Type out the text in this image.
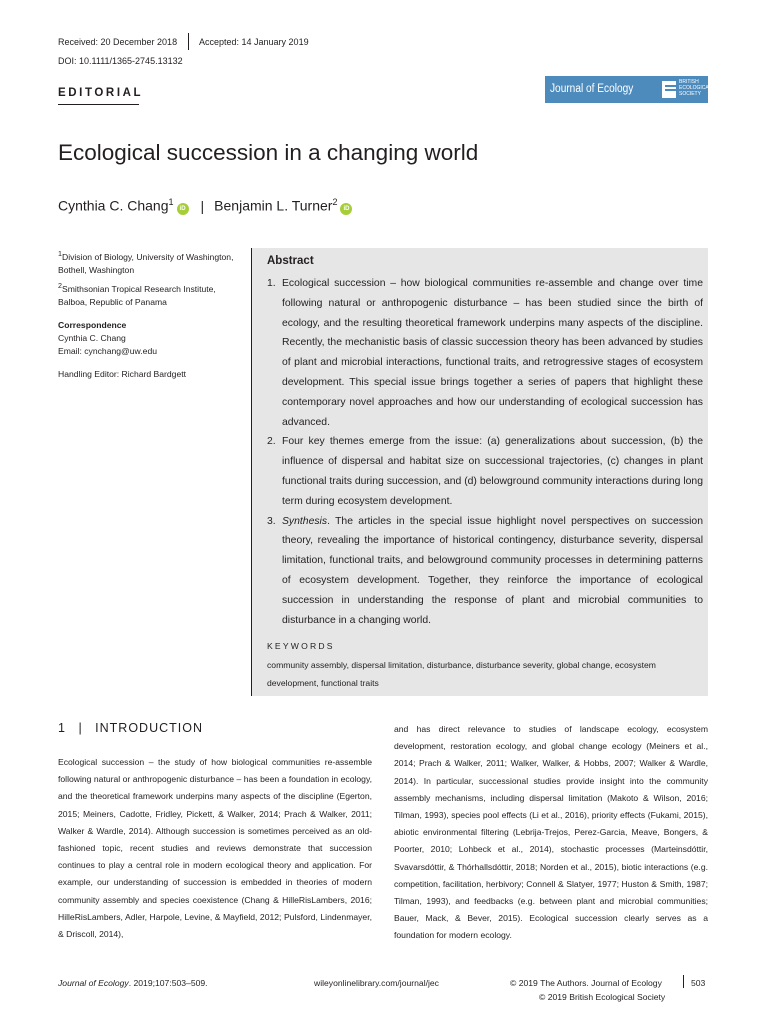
Received: 20 December 2018 Accepted: 14 January 2019
DOI: 10.1111/1365-2745.13132
EDITORIAL	Journal of Ecology
BRITISH
ECOLOGICAL
SOCIETY
Ecological succession in a changing world
Cynthia C. Chang$^1$iD | Benjamin L. Turner$^2$iD

$^1$Division of Biology, University of Washington, Bothell, Washington

$^2$Smithsonian Tropical Research Institute, Balboa, Republic of Panama

Correspondence

Cynthia C. Chang

Email: cynchang@uw.edu

Handling Editor: Richard Bardgett

Abstract
1. Ecological succession – how biological communities re-assemble and change over time following natural or anthropogenic disturbance – has been studied since the birth of ecology, and the resulting theoretical framework underpins many aspects of the discipline. Recently, the mechanistic basis of classic succession theory has been advanced by studies of plant and microbial interactions, functional traits, and retrogressive stages of ecosystem development. This special issue brings together a series of papers that highlight these contemporary novel approaches and how our understanding of ecological succession has advanced.
2. Four key themes emerge from the issue: (a) generalizations about succession, (b) the influence of dispersal and habitat size on successional trajectories, (c) changes in plant functional traits during succession, and (d) belowground community interactions during long term during ecosystem development.
3. Synthesis. The articles in the special issue highlight novel perspectives on succession theory, revealing the importance of historical contingency, disturbance severity, dispersal limitation, functional traits, and belowground community processes in determining patterns of ecosystem development. Together, they reinforce the importance of ecological succession in understanding the response of plant and microbial communities to disturbance in a changing world.
KEYWORDS
community assembly, dispersal limitation, disturbance, disturbance severity, global change, ecosystem development, functional traits
1 | INTRODUCTION
Ecological succession – the study of how biological communities re-assemble following natural or anthropogenic disturbance – has been a foundation in ecology, and the theoretical framework underpins many aspects of the discipline (Egerton, 2015; Meiners, Cadotte, Fridley, Pickett, & Walker, 2014; Prach & Walker, 2011; Walker & Wardle, 2014). Although succession is sometimes perceived as an old-fashioned topic, recent studies and reviews demonstrate that succession continues to play a central role in modern ecological theory and application. For example, our understanding of succession is embedded in theories of modern community assembly and species coexistence (Chang & HilleRisLambers, 2016; HilleRisLambers, Adler, Harpole, Levine, & Mayfield, 2012; Pulsford, Lindenmayer, & Driscoll, 2014),
and has direct relevance to studies of landscape ecology, ecosystem development, restoration ecology, and global change ecology (Meiners et al., 2014; Prach & Walker, 2011; Walker, Walker, & Hobbs, 2007; Walker & Wardle, 2014). In particular, successional studies provide insight into the community assembly mechanisms, including dispersal limitation (Makoto & Wilson, 2016; Tilman, 1993), species pool effects (Li et al., 2016), priority effects (Fukami, 2015), abiotic environmental filtering (Lebrija-Trejos, Perez-Garcia, Meave, Bongers, & Poorter, 2010; Lohbeck et al., 2014), stochastic processes (Marteinsdóttir, Svavarsdóttir, & Thórhallsdóttir, 2018; Norden et al., 2015), biotic interactions (e.g. competition, facilitation, herbivory; Connell & Slatyer, 1977; Huston & Smith, 1987; Tilman, 1993), and feedbacks (e.g. between plant and microbial communities; Bauer, Mack, & Bever, 2015). Ecological succession clearly serves as a foundation for modern ecology.
Journal of Ecology. 2019;107:503–509.	wileyonlinelibrary.com/journal/jec	© 2019 The Authors. Journal of Ecology
© 2019 British Ecological Society
503
